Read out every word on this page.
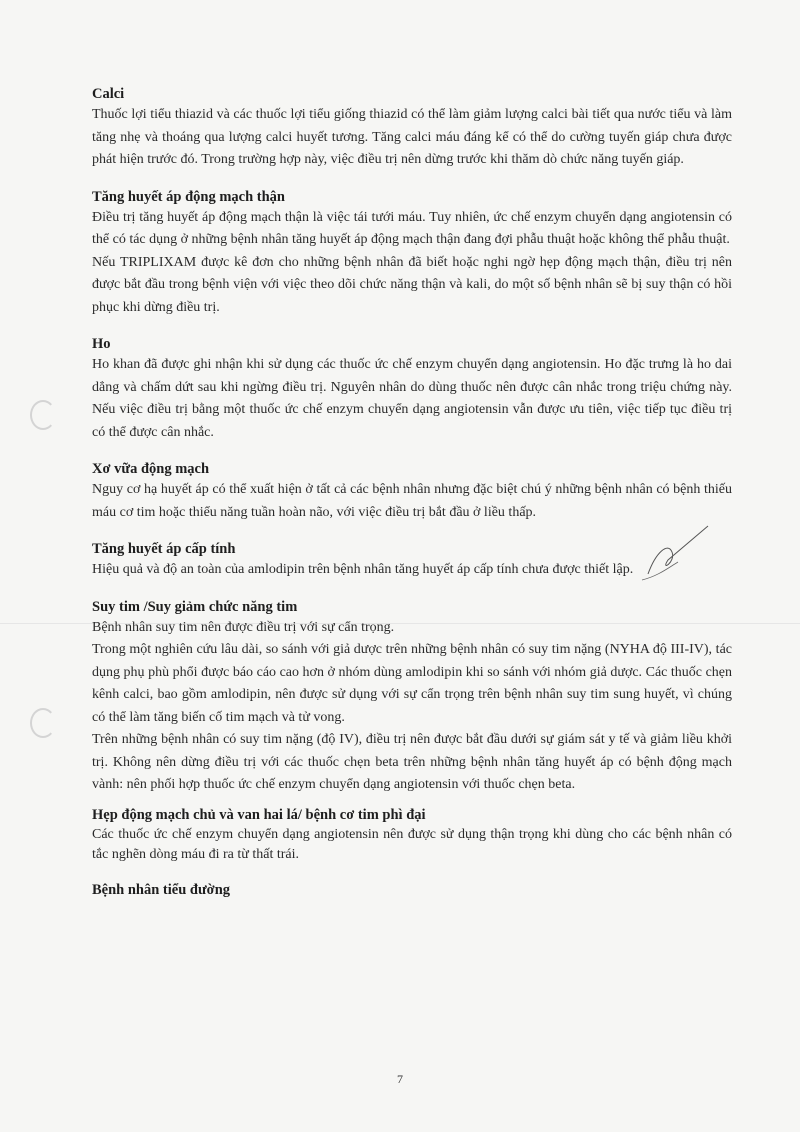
Calci

Thuốc lợi tiểu thiazid và các thuốc lợi tiểu giống thiazid có thể làm giảm lượng calci bài tiết qua nước tiểu và làm tăng nhẹ và thoáng qua lượng calci huyết tương. Tăng calci máu đáng kể có thể do cường tuyến giáp chưa được phát hiện trước đó. Trong trường hợp này, việc điều trị nên dừng trước khi thăm dò chức năng tuyến giáp.

Tăng huyết áp động mạch thận

Điều trị tăng huyết áp động mạch thận là việc tái tưới máu. Tuy nhiên, ức chế enzym chuyển dạng angiotensin có thể có tác dụng ở những bệnh nhân tăng huyết áp động mạch thận đang đợi phẫu thuật hoặc không thể phẫu thuật.

Nếu TRIPLIXAM được kê đơn cho những bệnh nhân đã biết hoặc nghi ngờ hẹp động mạch thận, điều trị nên được bắt đầu trong bệnh viện với việc theo dõi chức năng thận và kali, do một số bệnh nhân sẽ bị suy thận có hồi phục khi dừng điều trị.

Ho

Ho khan đã được ghi nhận khi sử dụng các thuốc ức chế enzym chuyển dạng angiotensin. Ho đặc trưng là ho dai dẳng và chấm dứt sau khi ngừng điều trị. Nguyên nhân do dùng thuốc nên được cân nhắc trong triệu chứng này. Nếu việc điều trị bằng một thuốc ức chế enzym chuyển dạng angiotensin vẫn được ưu tiên, việc tiếp tục điều trị có thể được cân nhắc.

Xơ vữa động mạch

Nguy cơ hạ huyết áp có thể xuất hiện ở tất cả các bệnh nhân nhưng đặc biệt chú ý những bệnh nhân có bệnh thiếu máu cơ tim hoặc thiểu năng tuần hoàn não, với việc điều trị bắt đầu ở liều thấp.

Tăng huyết áp cấp tính

Hiệu quả và độ an toàn của amlodipin trên bệnh nhân tăng huyết áp cấp tính chưa được thiết lập.

Suy tim /Suy giảm chức năng tim

Bệnh nhân suy tim nên được điều trị với sự cẩn trọng.

Trong một nghiên cứu lâu dài, so sánh với giả dược trên những bệnh nhân có suy tim nặng (NYHA độ III-IV), tác dụng phụ phù phổi được báo cáo cao hơn ở nhóm dùng amlodipin khi so sánh với nhóm giả dược. Các thuốc chẹn kênh calci, bao gồm amlodipin, nên được sử dụng với sự cẩn trọng trên bệnh nhân suy tim sung huyết, vì chúng có thể làm tăng biến cố tim mạch và tử vong.

Trên những bệnh nhân có suy tim nặng (độ IV), điều trị nên được bắt đầu dưới sự giám sát y tế và giảm liều khởi trị. Không nên dừng điều trị với các thuốc chẹn beta trên những bệnh nhân tăng huyết áp có bệnh động mạch vành: nên phối hợp thuốc ức chế enzym chuyển dạng angiotensin với thuốc chẹn beta.

Hẹp động mạch chủ và van hai lá/ bệnh cơ tim phì đại

Các thuốc ức chế enzym chuyển dạng angiotensin nên được sử dụng thận trọng khi dùng cho các bệnh nhân có tắc nghẽn dòng máu đi ra từ thất trái.

Bệnh nhân tiểu đường

7
